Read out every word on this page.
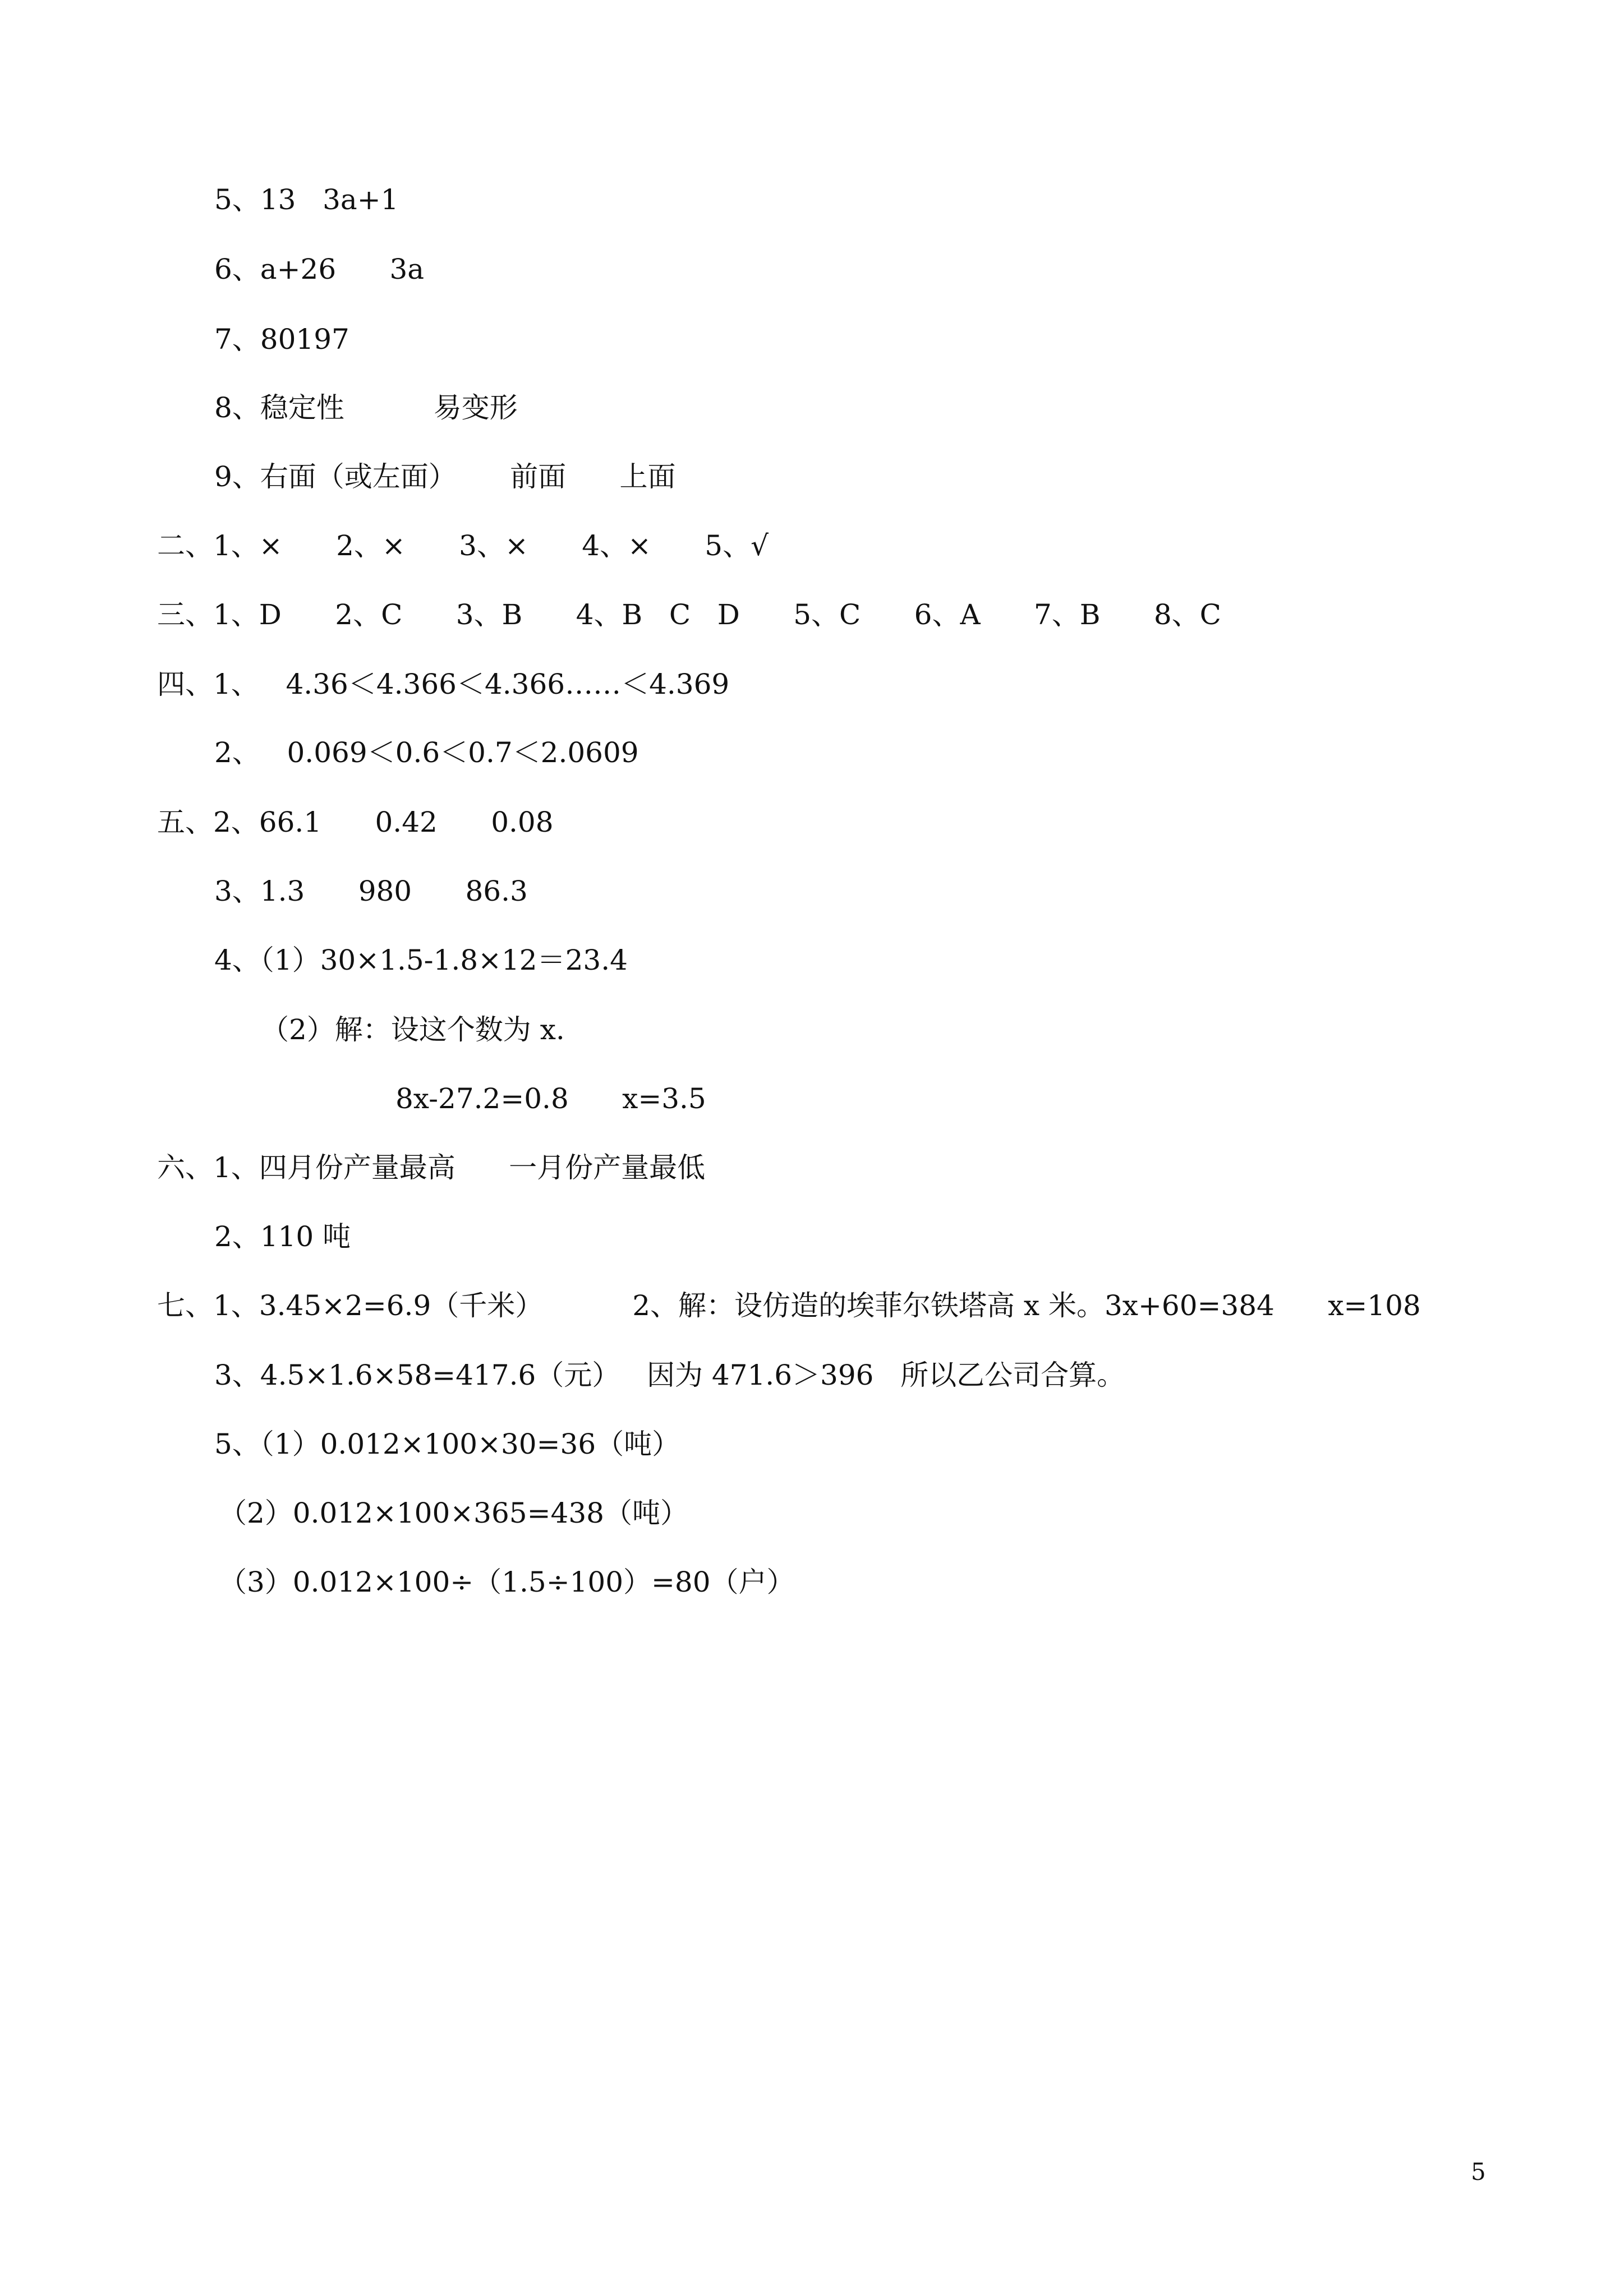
5、13   3a+1
6、a+26      3a
7、80197
8、稳定性          易变形
9、右面（或左面）      前面      上面
二、1、×      2、×      3、×      4、×      5、√
三、1、D      2、C      3、B      4、B   C   D      5、C      6、A      7、B      8、C
四、1、   4.36＜4.366＜4.366……＜4.369
2、   0.069＜0.6＜0.7＜2.0609
五、2、66.1      0.42      0.08
3、1.3      980      86.3
4、（1）30×1.5-1.8×12＝23.4
（2）解：设这个数为 x.
8x-27.2=0.8      x=3.5
六、1、四月份产量最高      一月份产量最低
2、110 吨
七、1、3.45×2=6.9（千米）          2、解：设仿造的埃菲尔铁塔高 x 米。3x+60=384      x=108
3、4.5×1.6×58=417.6（元）   因为 471.6＞396   所以乙公司合算。
5、（1）0.012×100×30=36（吨）
（2）0.012×100×365=438（吨）
（3）0.012×100÷（1.5÷100）=80（户）
5
